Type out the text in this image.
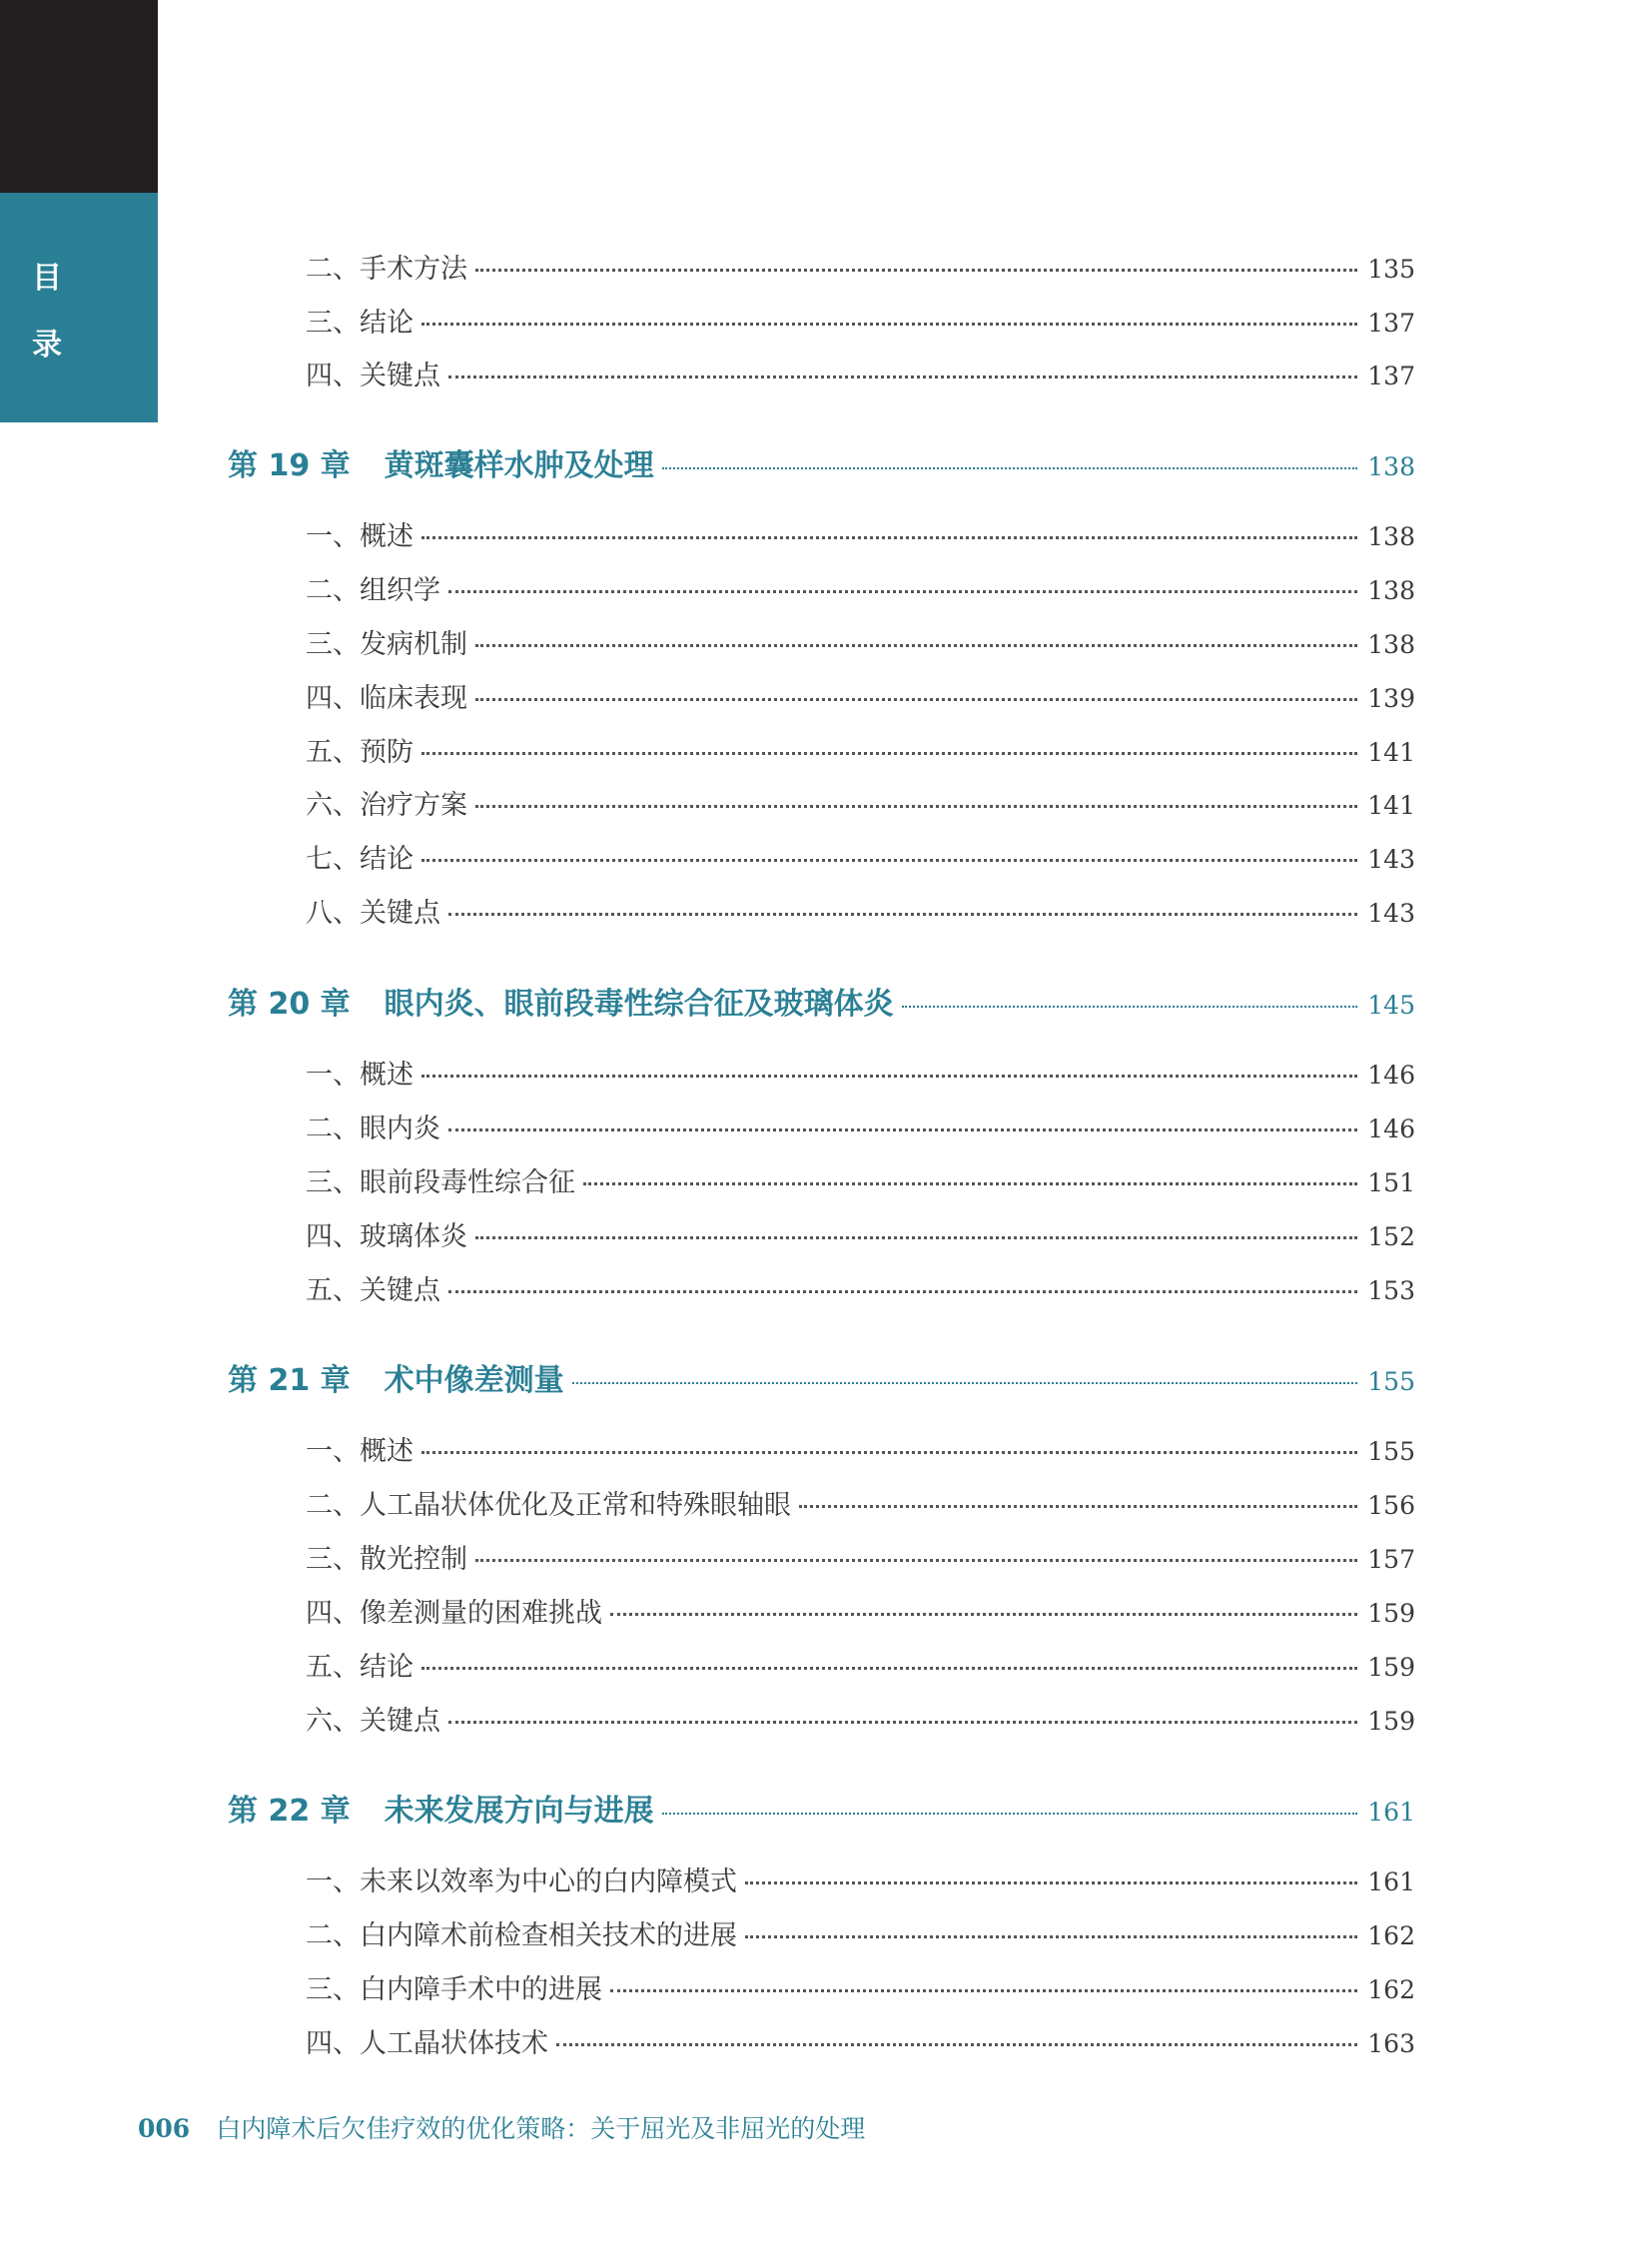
目
录
二、手术方法	135
三、结论	137
四、关键点	137
第 19 章 黄斑囊样水肿及处理	138
一、概述	138
二、组织学	138
三、发病机制	138
四、临床表现	139
五、预防	141
六、治疗方案	141
七、结论	143
八、关键点	143
第 20 章 眼内炎、眼前段毒性综合征及玻璃体炎	145
一、概述	146
二、眼内炎	146
三、眼前段毒性综合征	151
四、玻璃体炎	152
五、关键点	153
第 21 章 术中像差测量	155
一、概述	155
二、人工晶状体优化及正常和特殊眼轴眼	156
三、散光控制	157
四、像差测量的困难挑战	159
五、结论	159
六、关键点	159
第 22 章 未来发展方向与进展	161
一、未来以效率为中心的白内障模式	161
二、白内障术前检查相关技术的进展	162
三、白内障手术中的进展	162
四、人工晶状体技术	163
006 白内障术后欠佳疗效的优化策略：关于屈光及非屈光的处理
